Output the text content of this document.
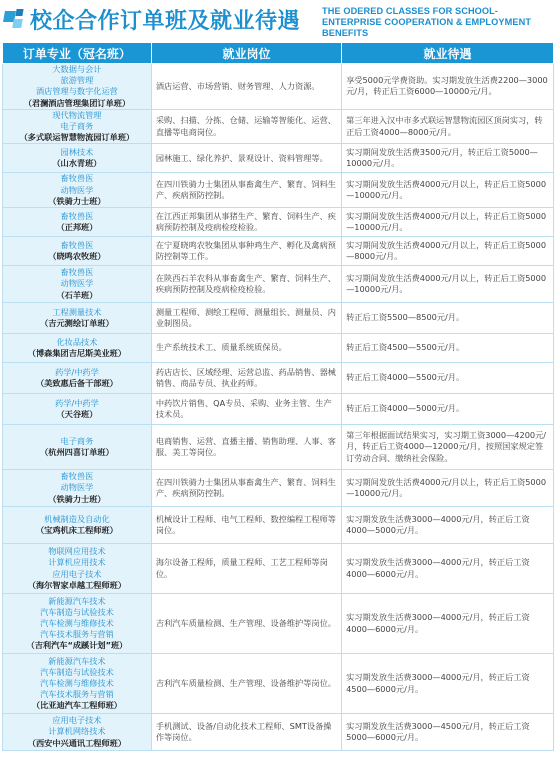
校企合作订单班及就业待遇 THE ODERED CLASSES FOR SCHOOL-ENTERPRISE COOPERATION & EMPLOYMENT BENEFITS
订单专业（冠名班）	就业岗位	就业待遇

大数据与会计
旅游管理
酒店管理与数字化运营
（君澜酒店管理集团订单班）	酒店运营、市场营销、财务管理、人力资源。	享受5000元学费资助。实习期发放生活费2200—3000元/月，转正后工资6000—10000元/月。

现代物流管理
电子商务
（多式联运智慧物流园订单班）	采购、扫描、分拣、仓储、运输等智能化、运营、直播等电商岗位。	第三年进入汉中市多式联运智慧物流园区顶岗实习，转正后工资4000—8000元/月。

园林技术
（山水青班）	园林施工、绿化养护、景观设计、资料管理等。	实习期间发放生活费3500元/月，转正后工资5000—10000元/月。

畜牧兽医
动物医学
（铁骑力士班）	在四川铁骑力士集团从事畜禽生产、繁育、饲料生产、疾病预防控制。	实习期间发放生活费4000元/月以上，转正后工资5000—10000元/月。

畜牧兽医
（正邦班）	在江西正邦集团从事猪生产、繁育、饲料生产、疾病预防控制及疫病检疫检验。	实习期间发放生活费4000元/月以上，转正后工资5000—10000元/月。

畜牧兽医
（晓鸣农牧班）	在宁夏晓鸣农牧集团从事种鸡生产、孵化及禽病预防控制等工作。	实习期间发放生活费4000元/月以上，转正后工资5000—8000元/月。

畜牧兽医
动物医学
（石羊班）	在陕西石羊农科从事畜禽生产、繁育、饲料生产、疾病预防控制及疫病检疫检验。	实习期间发放生活费4000元/月以上，转正后工资5000—10000元/月。

工程测量技术
（吉元测绘订单班）	测量工程师、测绘工程师、测量组长、测量员、内业制图员。	转正后工资5500—8500元/月。

化妆品技术
（博森集团吉尼斯美业班）	生产系统技术工、质量系统质保员。	转正后工资4500—5500元/月。

药学/中药学
（美致惠后备干部班）	药店店长、区域经理、运营总监、药品销售、器械销售、商品专员、执业药师。	转正后工资4000—5500元/月。

药学/中药学
（天谷班）	中药饮片销售、QA专员、采购、业务主管、生产技术员。	转正后工资4000—5000元/月。

电子商务
（杭州四喜订单班）	电商销售、运营、直播主播、销售助理、人事、客服、美工等岗位。	第三年根据面试结果实习，实习期工资3000—4200元/月，转正后工资4000—12000元/月，按照国家规定签订劳动合同、缴纳社会保险。

畜牧兽医
动物医学
（铁骑力士班）	在四川铁骑力士集团从事畜禽生产、繁育、饲料生产、疾病预防控制。	实习期间发放生活费4000元/月以上，转正后工资5000—10000元/月。

机械制造及自动化
（宝鸡机床工程师班）	机械设计工程师、电气工程师、数控编程工程师等岗位。	实习期发放生活费3000—4000元/月，转正后工资4000—5000元/月。

物联网应用技术
计算机应用技术
应用电子技术
（海尔智家卓越工程师班）	海尔设备工程师，质量工程师、工艺工程师等岗位。	实习期发放生活费3000—4000元/月，转正后工资4000—6000元/月。

新能源汽车技术
汽车制造与试验技术
汽车检测与维修技术
汽车技术服务与营销
（吉利汽车“成蹊计划”班）	吉利汽车质量检测、生产管理、设备维护等岗位。	实习期发放生活费3000—4000元/月，转正后工资4000—6000元/月。

新能源汽车技术
汽车制造与试验技术
汽车检测与维修技术
汽车技术服务与营销
（比亚迪汽车工程师班）	吉利汽车质量检测、生产管理、设备维护等岗位。	实习期发放生活费3000—4000元/月，转正后工资4500—6000元/月。

应用电子技术
计算机网络技术
（西安中兴通讯工程师班）	手机测试、设备/自动化技术工程师、SMT设备操作等岗位。	实习期发放生活费3000—4500元/月，转正后工资5000—6000元/月。
